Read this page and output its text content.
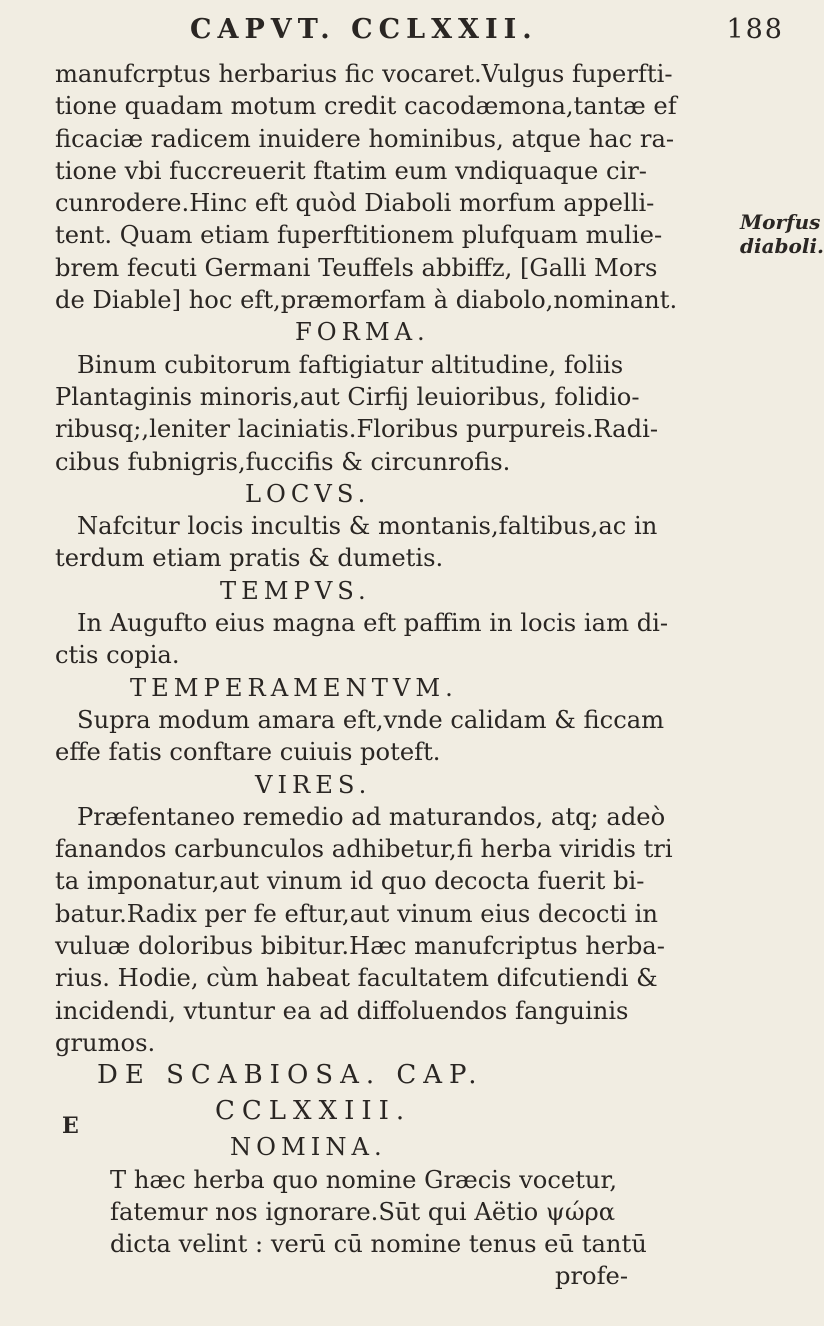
CAPVT. CCLXXII.	188
manufcrptus herbarius fic vocaret.Vulgus fuperfti-
tione quadam motum credit cacodæmona,tantæ ef
ficaciæ radicem inuidere hominibus, atque hac ra-
tione vbi fuccreuerit ftatim eum vndiquaque cir-
cunrodere.Hinc eft quòd Diaboli morfum appelli-
tent. Quam etiam fuperftitionem plufquam mulie-
brem fecuti Germani Teuffels abbiffz, [Galli Mors
de Diable] hoc eft,præmorfam à diabolo,nominant.
FORMA.
Binum cubitorum faftigiatur altitudine, foliis
Plantaginis minoris,aut Cirfij leuioribus, folidio-
ribusq;,leniter laciniatis.Floribus purpureis.Radi-
cibus fubnigris,fuccifis & circunrofis.
LOCVS.
Nafcitur locis incultis & montanis,faltibus,ac in
terdum etiam pratis & dumetis.
TEMPVS.
In Augufto eius magna eft paffim in locis iam di-
ctis copia.
TEMPERAMENTVM.
Supra modum amara eft,vnde calidam & ficcam
effe fatis conftare cuiuis poteft.
VIRES.
Præfentaneo remedio ad maturandos, atq; adeò
fanandos carbunculos adhibetur,fi herba viridis tri
ta imponatur,aut vinum id quo decocta fuerit bi-
batur.Radix per fe eftur,aut vinum eius decocti in
vuluæ doloribus bibitur.Hæc manufcriptus herba-
rius. Hodie, cùm habeat facultatem difcutiendi &
incidendi, vtuntur ea ad diffoluendos fanguinis
grumos.
DE SCABIOSA. CAP.
CCLXXIII.
NOMINA.
T hæc herba quo nomine Græcis vocetur,
fatemur nos ignorare.Sūt qui Aëtio ψώρα
dicta velint : verū cū nomine tenus eū tantū
profe-
Morfus
diaboli.
E
